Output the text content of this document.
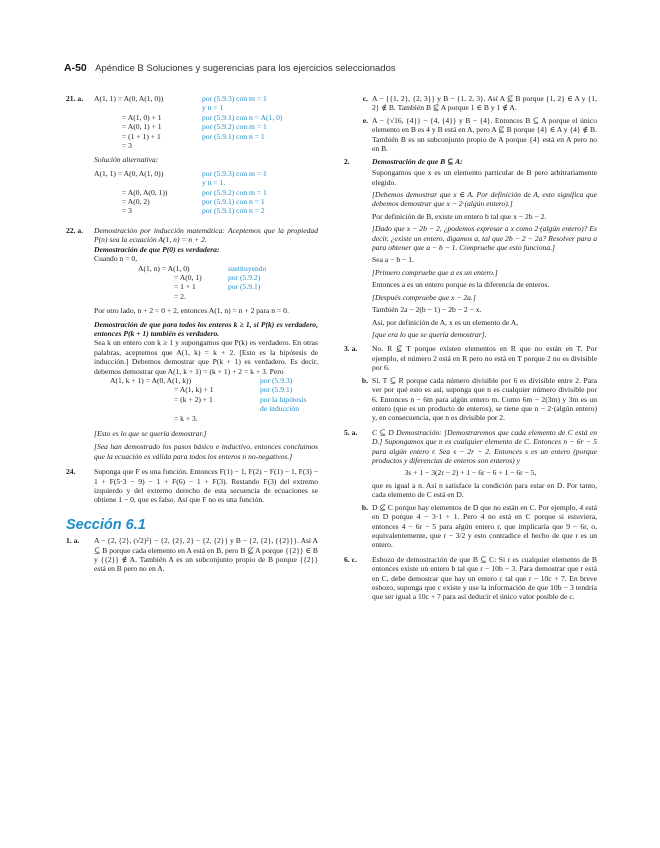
A-50 Apéndice B Soluciones y sugerencias para los ejercicios seleccionados
21. a.	A(1, 1) = A(0, A(1, 0))	por (5.9.3) con m = 1
y n = 1
= A(1, 0) + 1	por (5.9.1) con n = A(1, 0)
= A(0, 1) + 1	por (5.9.2) con m = 1
= (1 + 1) + 1	por (5.9.1) con n = 1
= 3
Solución alternativa:
A(1, 1) = A(0, A(1, 0))	por (5.9.3) con m = 1
y n = 1.
= A(0, A(0, 1))	por (5.9.2) con m = 1
= A(0, 2)	por (5.9.1) con n = 1
= 3	por (5.9.1) con n = 2
22. a. Demostración por inducción matemática: Aceptemos que la propiedad P(n) sea la ecuación A(1, n) = n + 2.
Demostración de que P(0) es verdadera:
Cuando n = 0,
A(1, n) = A(1, 0)	sustituyendo
= A(0, 1)	por (5.9.2)
= 1 + 1	por (5.9.1)
= 2.
Por otro lado, n + 2 = 0 + 2, entonces A(1, n) = n + 2 para n = 0.
Demostración de que para todos los enteros k ≥ 1, si P(k) es verdadero, entonces P(k + 1) también es verdadero.
Sea k un entero con k ≥ 1 y supongamos que P(k) es verdadero. En otras palabras, aceptemos que A(1, k) = k + 2. [Esto es la hipótesis de inducción.] Debemos demostrar que P(k + 1) es verdadero. Es decir, debemos demostrar que A(1, k + 1) = (k + 1) + 2 = k + 3. Pero
A(1, k + 1) = A(0, A(1, k))	por (5.9.3)
= A(1, k) + 1	por (5.9.1)
= (k + 2) + 1	por la hipótesis
de inducción
= k + 3.
[Esto es lo que se quería demostrar.]
[Sea han demostrado los pasos básico e inductivo, entonces concluimos que la ecuación es válida para todos los enteros n no-negativos.]
24. Suponga que F es una función. Entonces F(1) − 1, F(2) − F(1) − 1, F(3) − 1 + F(5·3 − 9) − 1 + F(6) − 1 + F(3). Restando F(3) del extremo izquierdo y del extremo derecho de esta secuencia de ecuaciones se obtiene 1 − 0, que es falso. Así que F no es una función.
Sección 6.1
1. a. A − {2, {2}, (√2)²} − {2, {2}, 2} − {2, {2}} y B − {2, {2}, {{2}}}. Así A ⊆ B porque cada elemento en A está en B, pero B ⊈ A porque {{2}} ∈ B y {{2}} ∉ A. También A es un subconjunto propio de B porque {{2}} está en B pero no en A.
c. A − {{1, 2}, {2, 3}} y B − {1, 2, 3}. Así A ⊈ B porque {1, 2} ∈ A y {1, 2} ∉ B. También B ⊈ A porque 1 ∈ B y 1 ∉ A.
e. A − {√16, {4}} − {4, {4}} y B − {4}. Entonces B ⊆ A porque el único elemento en B es 4 y B está en A, pero A ⊈ B porque {4} ∈ A y {4} ∉ B. También B es un subconjunto propio de A porque {4} está en A pero no en B.
2.	Demostración de que B ⊆ A:
Supongamos que x es un elemento particular de B pero arbitrariamente elegido.
[Debemos demostrar que x ∈ A. Por definición de A, esto significa que debemos demostrar que x − 2·(algún entero).]
Por definición de B, existe un entero b tal que x − 2b − 2.
[Dado que x − 2b − 2, ¿podemos expresar a x como 2·(algún entero)? Es decir, ¿existe un entero, digamos a, tal que 2b − 2 − 2a? Resolver para a para obtener que a − b − 1. Compruebe que esto funciona.]
Sea a − b − 1.
[Primero compruebe que a es un entero.]
Entonces a es un entero porque es la diferencia de enteros.
[Después compruebe que x − 2a.]
También 2a − 2(b − 1) − 2b − 2 − x.
Así, por definición de A, x es un elemento de A,
[que era lo que se quería demostrar].
3. a. No. R ⊈ T porque existen elementos en R que no están en T. Por ejemplo, el número 2 está en R pero no está en T porque 2 no es divisible por 6.
b. Sí. T ⊆ R porque cada número divisible por 6 es divisible entre 2. Para ver por qué esto es así, suponga que n es cualquier número divisible por 6. Entonces n − 6m para algún entero m. Como 6m − 2(3m) y 3m es un entero (que es un producto de enteros), se tiene que n − 2·(algún entero) y, en consecuencia, que n es divisible por 2.
5. a. C ⊆ D Demostración: [Demostraremos que cada elemento de C está en D.] Supongamos que n es cualquier elemento de C. Entonces n − 6r − 5 para algún entero r. Sea s − 2r − 2. Entonces s es un entero (porque productos y diferencias de enteros son enteros) y
3s + 1 − 3(2r − 2) + 1 − 6r − 6 + 1 − 6r − 5,
que es igual a n. Así n satisface la condición para estar en D. Por tanto, cada elemento de C está en D.
b. D ⊈ C porque hay elementos de D que no están en C. Por ejemplo, 4 está en D porque 4 − 3·1 + 1. Pero 4 no está en C porque si estuviera, entonces 4 − 6r − 5 para algún entero r, que implicaría que 9 − 6r, o, equivalentemente, que r − 3/2 y esto contradice el hecho de que r es un entero.
6. c. Esbozo de demostración de que B ⊆ C: Si r es cualquier elemento de B entonces existe un entero b tal que r − 10b − 3. Para demostrar que r está en C, debe demostrar que hay un entero c tal que r − 10c + 7. En breve esbozo, suponga que c existe y use la información de que 10b − 3 tendría que ser igual a 10c + 7 para así deducir el único valor posible de c.
